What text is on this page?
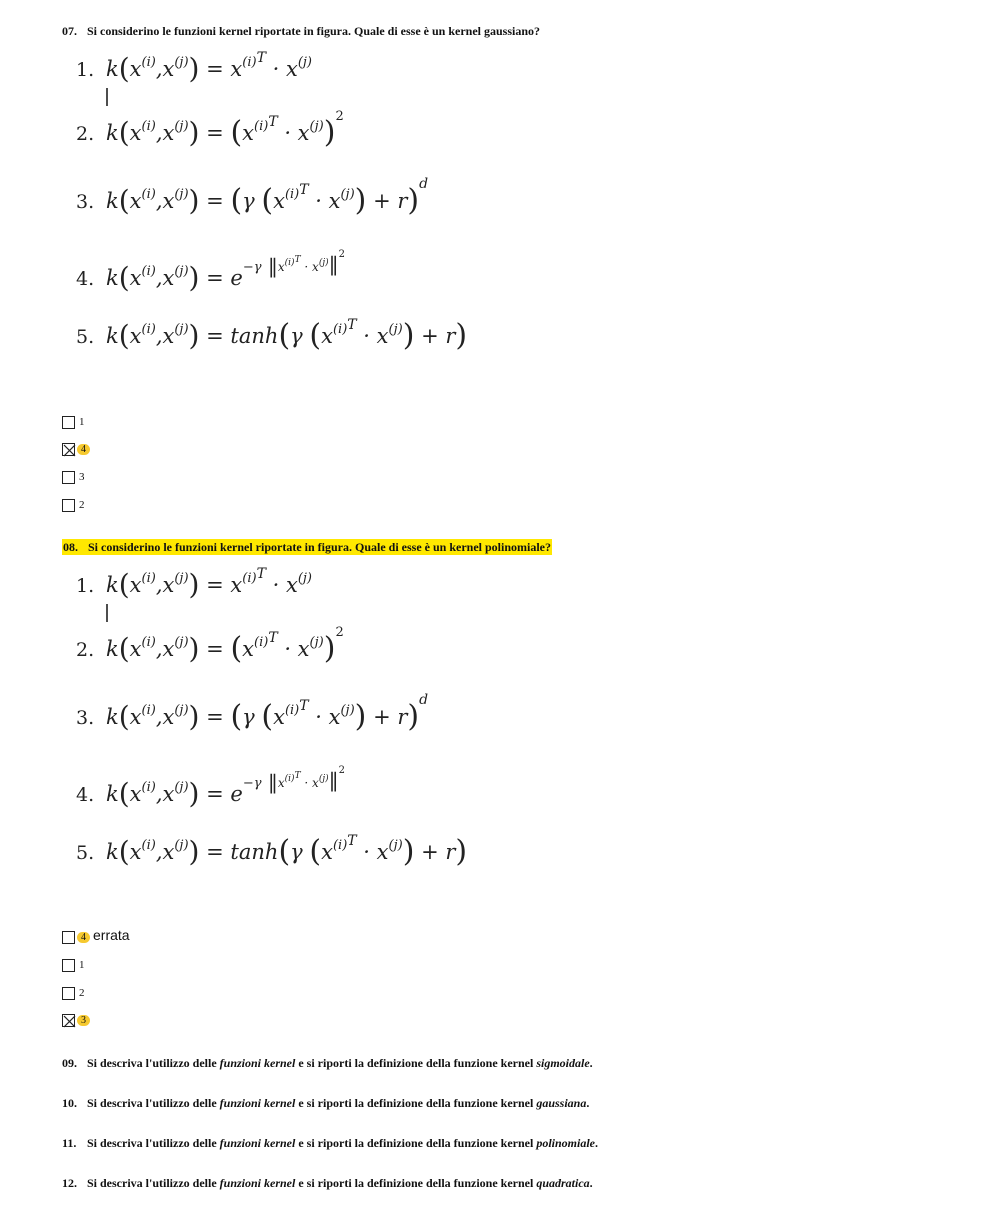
07. Si considerino le funzioni kernel riportate in figura. Quale di esse è un kernel gaussiano?
1. $k(x^{(i)},x^{(j)}) = x^{(i)}T \cdot x^{(j)}$
2. $k(x^{(i)},x^{(j)}) = (x^{(i)}T \cdot x^{(j)})^2$
3. $k(x^{(i)},x^{(j)}) = (\gamma$ $(x^{(i)}T \cdot x^{(j)}) + r)^d$
4. $k(x^{(i)},x^{(j)}) = e^{-\gamma}$ $‖x^{(i)}T$ $_{\cdot x}^{(j)}$‖$^2$
5. $k(x^{(i)},x^{(j)}) = \tanh(\gamma$ $(x^{(i)}T \cdot x^{(j)}) + r$)
1
4
3
2
08. Si considerino le funzioni kernel riportate in figura. Quale di esse è un kernel polinomiale?
1. $k(x^{(i)},x^{(j)}) = x^{(i)}T \cdot x^{(j)}$
2. $k(x^{(i)},x^{(j)}) = (x^{(i)}T \cdot x^{(j)})^2$
3. $k(x^{(i)},x^{(j)}) = (\gamma$ $(x^{(i)}T \cdot x^{(j)}) + r)^d$
4. $k(x^{(i)},x^{(j)}) = e^{-\gamma}$ $‖x^{(i)}T$ $_{\cdot x}^{(j)}$‖$^2$
5. $k(x^{(i)},x^{(j)}) = \tanh(\gamma$ $(x^{(i)}T \cdot x^{(j)}) + r$)
4 errata
1
2
3
09. Si descriva l'utilizzo delle funzioni kernel e si riporti la definizione della funzione kernel sigmoidale.
10. Si descriva l'utilizzo delle funzioni kernel e si riporti la definizione della funzione kernel gaussiana.
11. Si descriva l'utilizzo delle funzioni kernel e si riporti la definizione della funzione kernel polinomiale.
12. Si descriva l'utilizzo delle funzioni kernel e si riporti la definizione della funzione kernel quadratica.
